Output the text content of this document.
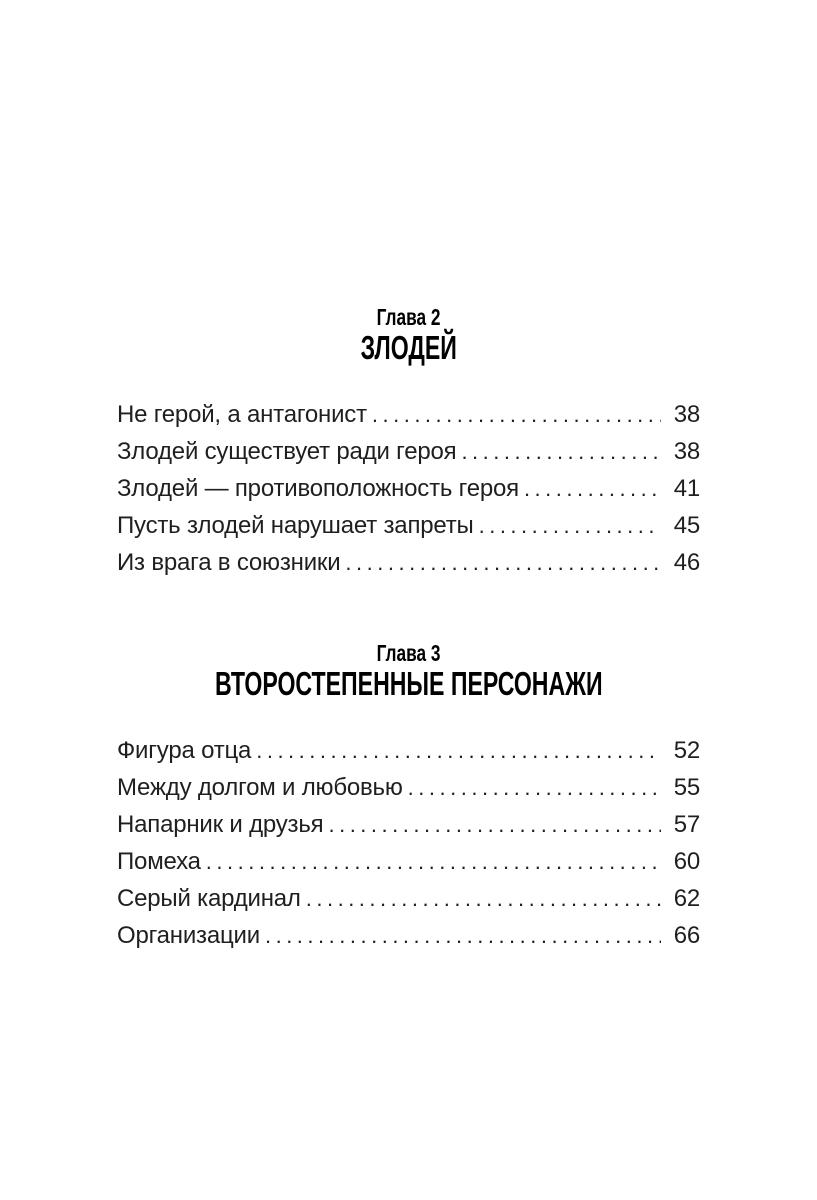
Глава 2
ЗЛОДЕЙ
Не герой, а антагонист .....	38
Злодей существует ради героя .....	38
Злодей — противоположность героя .....	41
Пусть злодей нарушает запреты .....	45
Из врага в союзники .....	46
Глава 3
ВТОРОСТЕПЕННЫЕ ПЕРСОНАЖИ
Фигура отца .....	52
Между долгом и любовью .....	55
Напарник и друзья .....	57
Помеха .....	60
Серый кардинал .....	62
Организации .....	66
